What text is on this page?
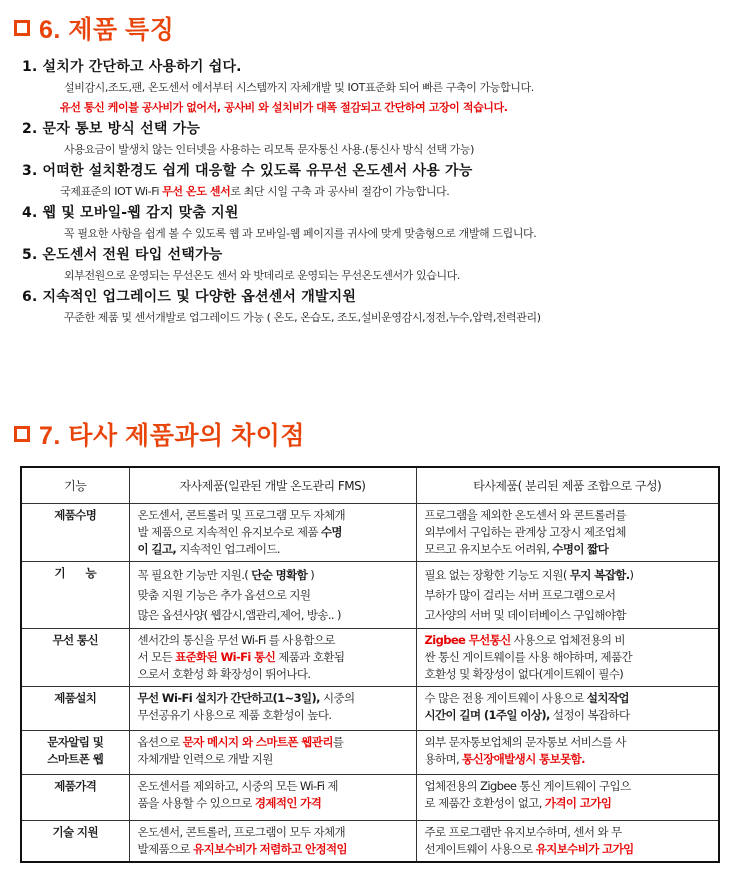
6. 제품 특징
1. 설치가 간단하고 사용하기 쉽다.
설비감시,조도,팬, 온도센서 에서부터 시스템까지 자체개발 및 IOT표준화 되어 빠른 구축이 가능합니다.
유선 통신 케이블 공사비가 없어서, 공사비 와 설치비가 대폭 절감되고 간단하여 고장이 적습니다.
2. 문자 통보 방식 선택 가능
사용요금이 발생치 않는 인터넷을 사용하는 리모톡 문자통신 사용.(통신사 방식 선택 가능)
3. 어떠한 설치환경도 쉽게 대응할 수 있도록 유무선 온도센서 사용 가능
국제표준의 IOT Wi-Fi 무선 온도 센서로 최단 시일 구축 과 공사비 절감이 가능합니다.
4. 웹 및 모바일-웹 감지 맞춤 지원
꼭 필요한 사항을 쉽게 볼 수 있도록 웹 과 모바일-웹 페이지를 귀사에 맞게 맞춤형으로 개발해 드립니다.
5. 온도센서 전원 타입 선택가능
외부전원으로 운영되는 무선온도 센서 와 밧데리로 운영되는 무선온도센서가 있습니다.
6. 지속적인 업그레이드 및 다양한 옵션센서 개발지원
꾸준한 제품 및 센서개발로 업그레이드 가능 ( 온도, 온습도, 조도,설비운영감시,정전,누수,압력,전력관리)
7. 타사 제품과의 차이점
기능	자사제품(일관된 개발 온도관리 FMS)	타사제품( 분리된 제품 조합으로 구성)
제품수명	온도센서, 콘트롤러 및 프로그램 모두 자체개
발 제품으로 지속적인 유지보수로 제품 수명
이 길고, 지속적인 업그레이드.	프로그램을 제외한 온도센서 와 콘트롤러를
외부에서 구입하는 관계상 고장시 제조업체
모르고 유지보수도 어려워, 수명이 짧다

기      능	꼭 필요한 기능만 지원.( 단순 명확함 )
맞춤 지원 기능은 추가 옵션으로 지원
많은 옵션사양( 웹감시,앱관리,제어, 방송.. )	필요 없는 장황한 기능도 지원( 무지 복잡함.)
부하가 많이 걸리는 서버 프로그램으로서
고사양의 서버 및 데이터베이스 구입해야함

무선 통신	센서간의 통신을 무선 Wi-Fi 를 사용함으로
서 모든 표준화된 Wi-Fi 통신 제품과 호환됨
으로서 호환성 화 확장성이 뛰어나다.	Zigbee 무선통신 사용으로 업체전용의 비
싼 통신 게이트웨이를 사용 해야하며, 제품간
호환성 및 확장성이 없다(게이트웨이 필수)

제품설치	무선 Wi-Fi 설치가 간단하고(1~3일), 시중의
무선공유기 사용으로 제품 호환성이 높다.	수 많은 전용 게이트웨이 사용으로 설치작업
시간이 길며 (1주일 이상), 설정이 복잡하다

문자알림 및
스마트폰 웹	옵션으로 문자 메시지 와 스마트폰 웹관리를
자체개발 인력으로 개발 지원	외부 문자통보업체의 문자통보 서비스를 사
용하며, 통신장애발생시 통보못함.

제품가격	온도센서를 제외하고, 시중의 모든 Wi-Fi 제
품을 사용할 수 있으므로 경제적인 가격	업체전용의 Zigbee 통신 게이트웨이 구입으
로 제품간 호환성이 없고, 가격이 고가임

기술 지원	온도센서, 콘트롤러, 프로그램이 모두 자체개
발제품으로 유지보수비가 저렴하고 안정적임	주로 프로그램만 유지보수하며, 센서 와 무
선게이트웨이 사용으로 유지보수비가 고가임
